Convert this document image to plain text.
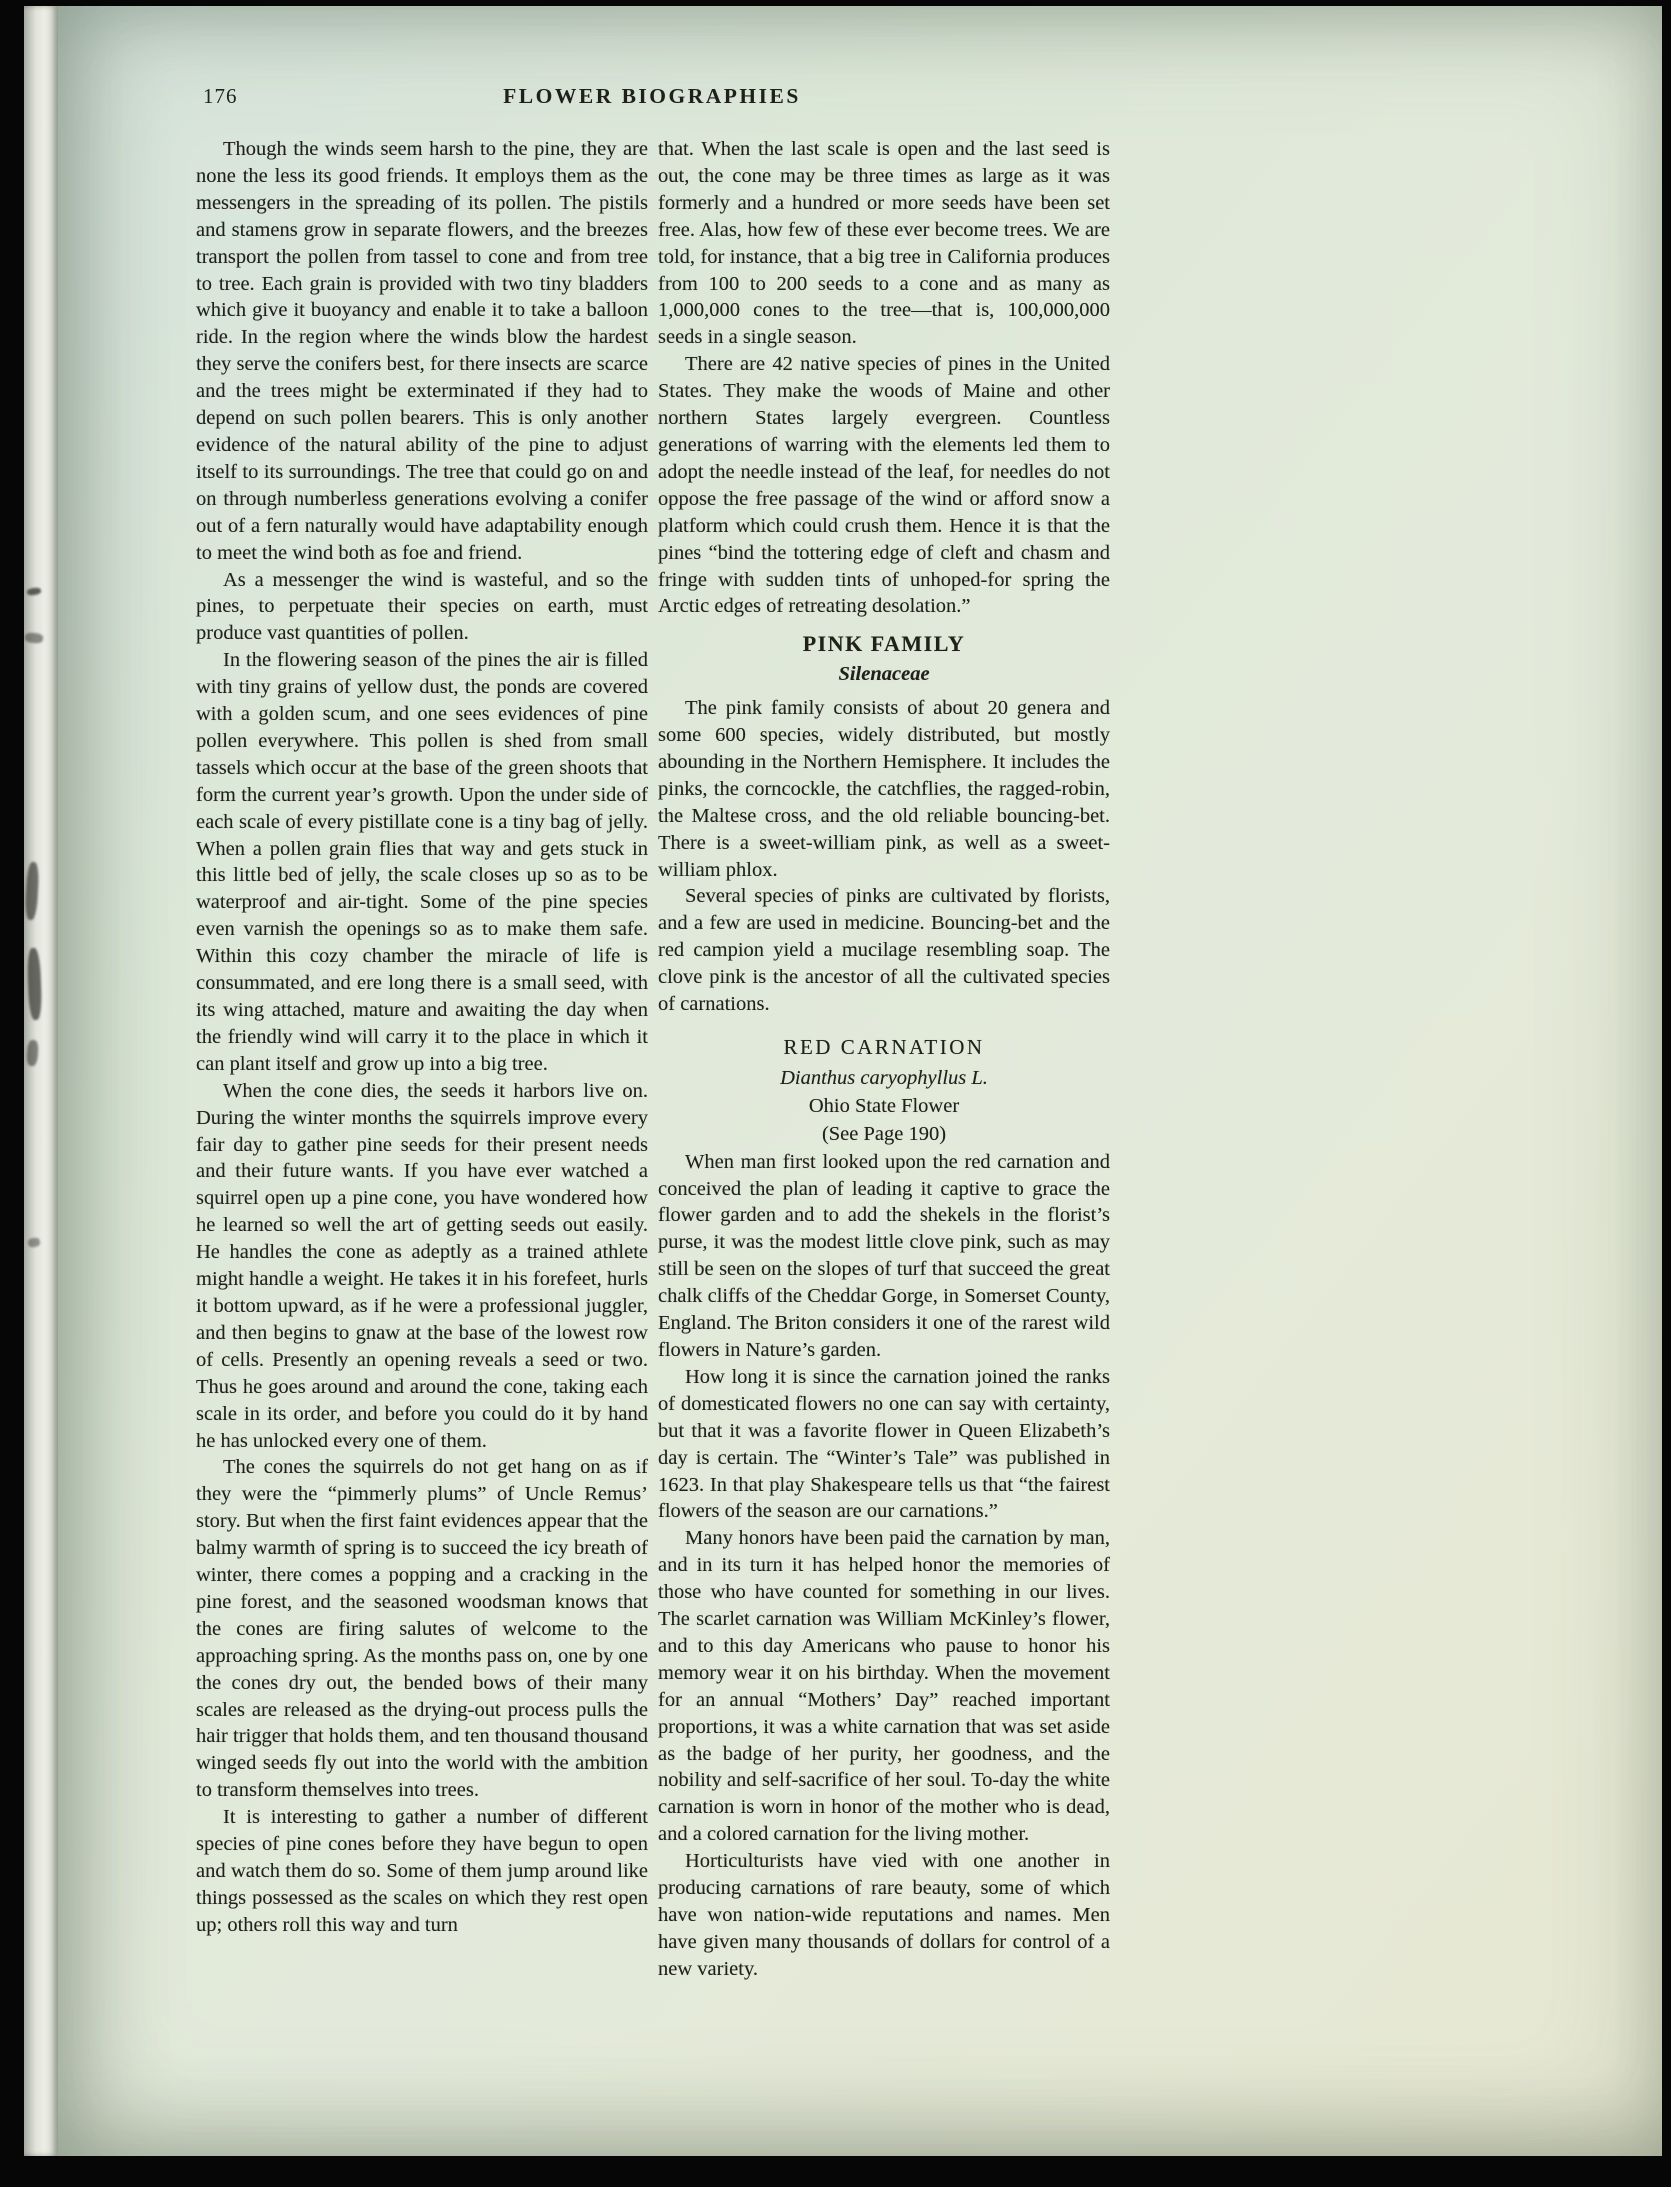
176	FLOWER BIOGRAPHIES

Though the winds seem harsh to the pine, they are none the less its good friends. It employs them as the messengers in the spreading of its pollen. The pistils and stamens grow in separate flowers, and the breezes transport the pollen from tassel to cone and from tree to tree. Each grain is provided with two tiny bladders which give it buoyancy and enable it to take a balloon ride. In the region where the winds blow the hardest they serve the conifers best, for there insects are scarce and the trees might be exterminated if they had to depend on such pollen bearers. This is only another evidence of the natural ability of the pine to adjust itself to its surroundings. The tree that could go on and on through numberless generations evolving a conifer out of a fern naturally would have adaptability enough to meet the wind both as foe and friend.

As a messenger the wind is wasteful, and so the pines, to perpetuate their species on earth, must produce vast quantities of pollen.

In the flowering season of the pines the air is filled with tiny grains of yellow dust, the ponds are covered with a golden scum, and one sees evidences of pine pollen everywhere. This pollen is shed from small tassels which occur at the base of the green shoots that form the current year’s growth. Upon the under side of each scale of every pistillate cone is a tiny bag of jelly. When a pollen grain flies that way and gets stuck in this little bed of jelly, the scale closes up so as to be waterproof and air-tight. Some of the pine species even varnish the openings so as to make them safe. Within this cozy chamber the miracle of life is consummated, and ere long there is a small seed, with its wing attached, mature and awaiting the day when the friendly wind will carry it to the place in which it can plant itself and grow up into a big tree.

When the cone dies, the seeds it harbors live on. During the winter months the squirrels improve every fair day to gather pine seeds for their present needs and their future wants. If you have ever watched a squirrel open up a pine cone, you have wondered how he learned so well the art of getting seeds out easily. He handles the cone as adeptly as a trained athlete might handle a weight. He takes it in his forefeet, hurls it bottom upward, as if he were a professional juggler, and then begins to gnaw at the base of the lowest row of cells. Presently an opening reveals a seed or two. Thus he goes around and around the cone, taking each scale in its order, and before you could do it by hand he has unlocked every one of them.

The cones the squirrels do not get hang on as if they were the “pimmerly plums” of Uncle Remus’ story. But when the first faint evidences appear that the balmy warmth of spring is to succeed the icy breath of winter, there comes a popping and a cracking in the pine forest, and the seasoned woodsman knows that the cones are firing salutes of welcome to the approaching spring. As the months pass on, one by one the cones dry out, the bended bows of their many scales are released as the drying-out process pulls the hair trigger that holds them, and ten thousand thousand winged seeds fly out into the world with the ambition to transform themselves into trees.

It is interesting to gather a number of different species of pine cones before they have begun to open and watch them do so. Some of them jump around like things possessed as the scales on which they rest open up; others roll this way and turn

that. When the last scale is open and the last seed is out, the cone may be three times as large as it was formerly and a hundred or more seeds have been set free. Alas, how few of these ever become trees. We are told, for instance, that a big tree in California produces from 100 to 200 seeds to a cone and as many as 1,000,000 cones to the tree—that is, 100,000,000 seeds in a single season.

There are 42 native species of pines in the United States. They make the woods of Maine and other northern States largely evergreen. Countless generations of warring with the elements led them to adopt the needle instead of the leaf, for needles do not oppose the free passage of the wind or afford snow a platform which could crush them. Hence it is that the pines “bind the tottering edge of cleft and chasm and fringe with sudden tints of unhoped-for spring the Arctic edges of retreating desolation.”

PINK FAMILY
Silenaceae

The pink family consists of about 20 genera and some 600 species, widely distributed, but mostly abounding in the Northern Hemisphere. It includes the pinks, the corncockle, the catchflies, the ragged-robin, the Maltese cross, and the old reliable bouncing-bet. There is a sweet-william pink, as well as a sweet-william phlox.

Several species of pinks are cultivated by florists, and a few are used in medicine. Bouncing-bet and the red campion yield a mucilage resembling soap. The clove pink is the ancestor of all the cultivated species of carnations.

RED CARNATION
Dianthus caryophyllus L.
Ohio State Flower
(See Page 190)

When man first looked upon the red carnation and conceived the plan of leading it captive to grace the flower garden and to add the shekels in the florist’s purse, it was the modest little clove pink, such as may still be seen on the slopes of turf that succeed the great chalk cliffs of the Cheddar Gorge, in Somerset County, England. The Briton considers it one of the rarest wild flowers in Nature’s garden.

How long it is since the carnation joined the ranks of domesticated flowers no one can say with certainty, but that it was a favorite flower in Queen Elizabeth’s day is certain. The “Winter’s Tale” was published in 1623. In that play Shakespeare tells us that “the fairest flowers of the season are our carnations.”

Many honors have been paid the carnation by man, and in its turn it has helped honor the memories of those who have counted for something in our lives. The scarlet carnation was William McKinley’s flower, and to this day Americans who pause to honor his memory wear it on his birthday. When the movement for an annual “Mothers’ Day” reached important proportions, it was a white carnation that was set aside as the badge of her purity, her goodness, and the nobility and self-sacrifice of her soul. To-day the white carnation is worn in honor of the mother who is dead, and a colored carnation for the living mother.

Horticulturists have vied with one another in producing carnations of rare beauty, some of which have won nation-wide reputations and names. Men have given many thousands of dollars for control of a new variety.
